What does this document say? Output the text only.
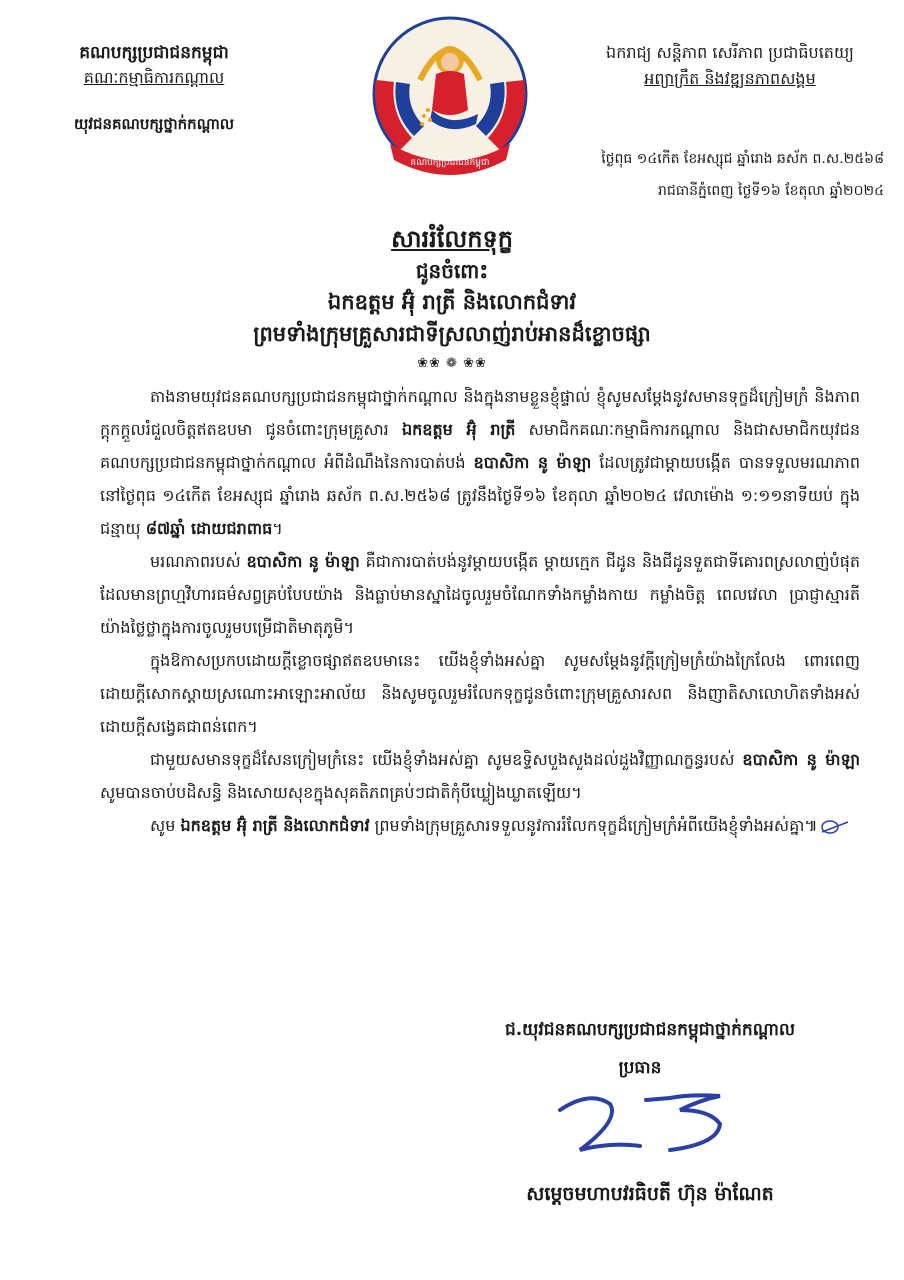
គណបក្សប្រជាជនកម្ពុជា
គណៈកម្មាធិការកណ្តាល
យុវជនគណបក្សថ្នាក់កណ្តាល
គណបក្សប្រជាជនកម្ពុជា
ឯករាជ្យ សន្តិភាព សេរីភាព ប្រជាធិបតេយ្យ
អព្យាក្រឹត និងវឌ្ឍនភាពសង្គម
ថ្ងៃពុធ ១៤កើត ខែអស្សុជ ឆ្នាំរោង ឆស័ក ព.ស.២៥៦៨
រាជធានីភ្នំពេញ ថ្ងៃទី១៦ ខែតុលា ឆ្នាំ២០២៤
សាររំលែកទុក្ខ
ជូនចំពោះ
ឯកឧត្តម អ៊ុំ រាត្រី និងលោកជំទាវ
ព្រមទាំងក្រុមគ្រួសារជាទីស្រលាញ់រាប់អានដ៏ខ្លោចផ្សា
❀❀ ❁ ❀❀

តាងនាមយុវជនគណបក្សប្រជាជនកម្ពុជាថ្នាក់កណ្តាល និងក្នុងនាមខ្លួនខ្ញុំផ្ទាល់ ខ្ញុំសូមសម្តែងនូវសមានទុក្ខដ៏ក្រៀមក្រំ និងភាពក្តុកក្តួលរំជួលចិត្តឥតឧបមា ជូនចំពោះក្រុមគ្រួសារ ឯកឧត្តម អ៊ុំ រាត្រី សមាជិកគណៈកម្មាធិការកណ្តាល និងជាសមាជិកយុវជនគណបក្សប្រជាជនកម្ពុជាថ្នាក់កណ្តាល អំពីដំណឹងនៃការបាត់បង់ ឧបាសិកា នូ ម៉ាឡា ដែលត្រូវជាម្តាយបង្កើត បានទទួលមរណភាពនៅថ្ងៃពុធ ១៤កើត ខែអស្សុជ ឆ្នាំរោង ឆស័ក ព.ស.២៥៦៨ ត្រូវនឹងថ្ងៃទី១៦ ខែតុលា ឆ្នាំ២០២៤ វេលាម៉ោង ១:១១នាទីយប់ ក្នុងជន្មាយុ ៨៧ឆ្នាំ ដោយជរាពាធ។

មរណភាពរបស់ ឧបាសិកា នូ ម៉ាឡា គឺជាការបាត់បង់នូវម្តាយបង្កើត ម្តាយក្មេក ជីដូន និងជីដូនទួតជាទីគោរពស្រលាញ់បំផុត ដែលមានព្រហ្មវិហារធម៌សព្វគ្រប់បែបយ៉ាង និងធ្លាប់មានស្នាដៃចូលរួមចំណែកទាំងកម្លាំងកាយ កម្លាំងចិត្ត ពេលវេលា ប្រាជ្ញាស្មារតី យ៉ាងថ្លៃថ្លាក្នុងការចូលរួមបម្រើជាតិមាតុភូមិ។

ក្នុងឱកាសប្រកបដោយក្តីខ្លោចផ្សាឥតឧបមានេះ យើងខ្ញុំទាំងអស់គ្នា សូមសម្តែងនូវក្តីក្រៀមក្រំយ៉ាងក្រៃលែង ពោរពេញដោយក្តីសោកស្តាយស្រណោះអាឡោះអាល័យ និងសូមចូលរួមរំលែកទុក្ខជូនចំពោះក្រុមគ្រួសារសព និងញាតិសាលោហិតទាំងអស់ដោយក្តីសង្វេគជាពន់ពេក។

ជាមួយសមានទុក្ខដ៏សែនក្រៀមក្រំនេះ យើងខ្ញុំទាំងអស់គ្នា សូមឧទ្ទិសបួងសួងដល់ដួងវិញ្ញាណក្ខន្ធរបស់ ឧបាសិកា នូ ម៉ាឡា សូមបានចាប់បដិសន្ធិ និងសោយសុខក្នុងសុគតិភពគ្រប់ៗជាតិកុំបីឃ្លៀងឃ្លាតឡើយ។

សូម ឯកឧត្តម អ៊ុំ រាត្រី និងលោកជំទាវ ព្រមទាំងក្រុមគ្រួសារទទួលនូវការរំលែកទុក្ខដ៏ក្រៀមក្រំអំពីយើងខ្ញុំទាំងអស់គ្នា៕

ជ.យុវជនគណបក្សប្រជាជនកម្ពុជាថ្នាក់កណ្តាល
ប្រធាន
សម្តេចមហាបវរធិបតី ហ៊ុន ម៉ាណែត
